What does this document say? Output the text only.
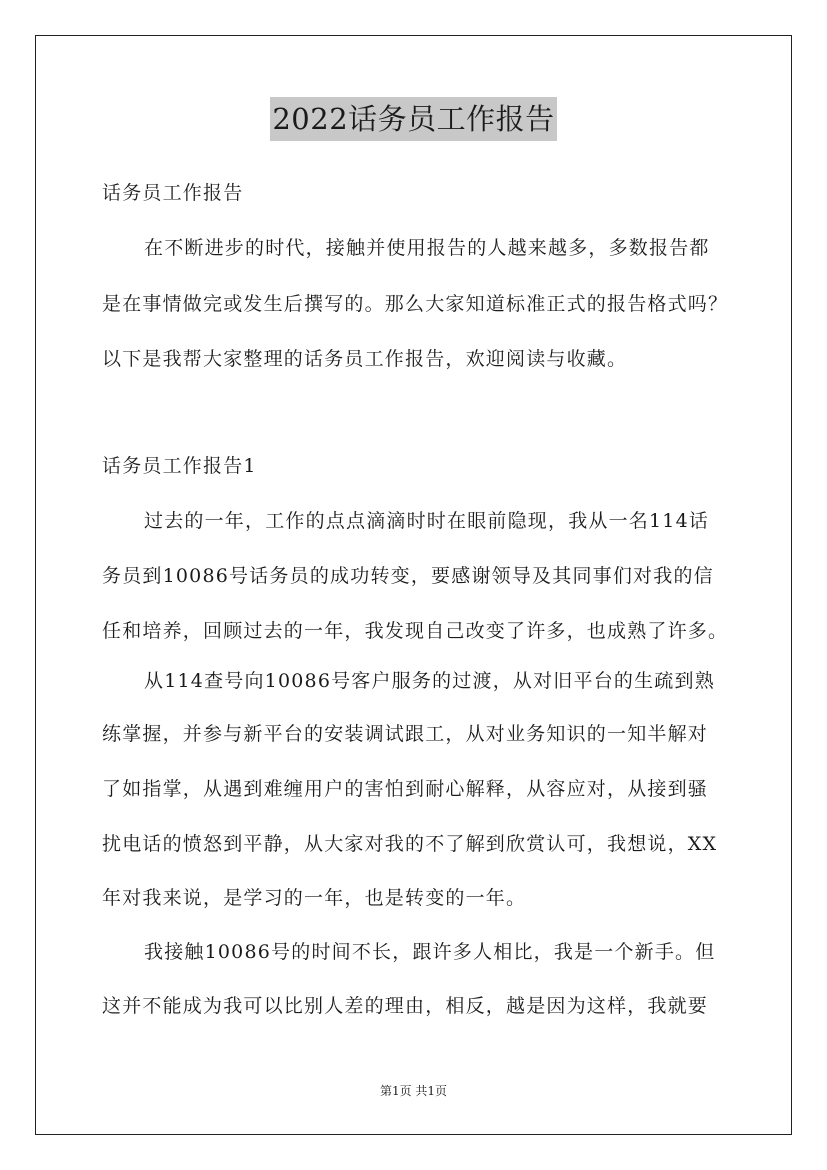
2022话务员工作报告
话务员工作报告
在不断进步的时代，接触并使用报告的人越来越多，多数报告都
是在事情做完或发生后撰写的。那么大家知道标准正式的报告格式吗？
以下是我帮大家整理的话务员工作报告，欢迎阅读与收藏。
话务员工作报告1
过去的一年，工作的点点滴滴时时在眼前隐现，我从一名114话
务员到10086号话务员的成功转变，要感谢领导及其同事们对我的信
任和培养，回顾过去的一年，我发现自己改变了许多，也成熟了许多。
从114查号向10086号客户服务的过渡，从对旧平台的生疏到熟
练掌握，并参与新平台的安装调试跟工，从对业务知识的一知半解对
了如指掌，从遇到难缠用户的害怕到耐心解释，从容应对，从接到骚
扰电话的愤怒到平静，从大家对我的不了解到欣赏认可，我想说，XX
年对我来说，是学习的一年，也是转变的一年。
我接触10086号的时间不长，跟许多人相比，我是一个新手。但
这并不能成为我可以比别人差的理由，相反，越是因为这样，我就要
第1页 共1页
